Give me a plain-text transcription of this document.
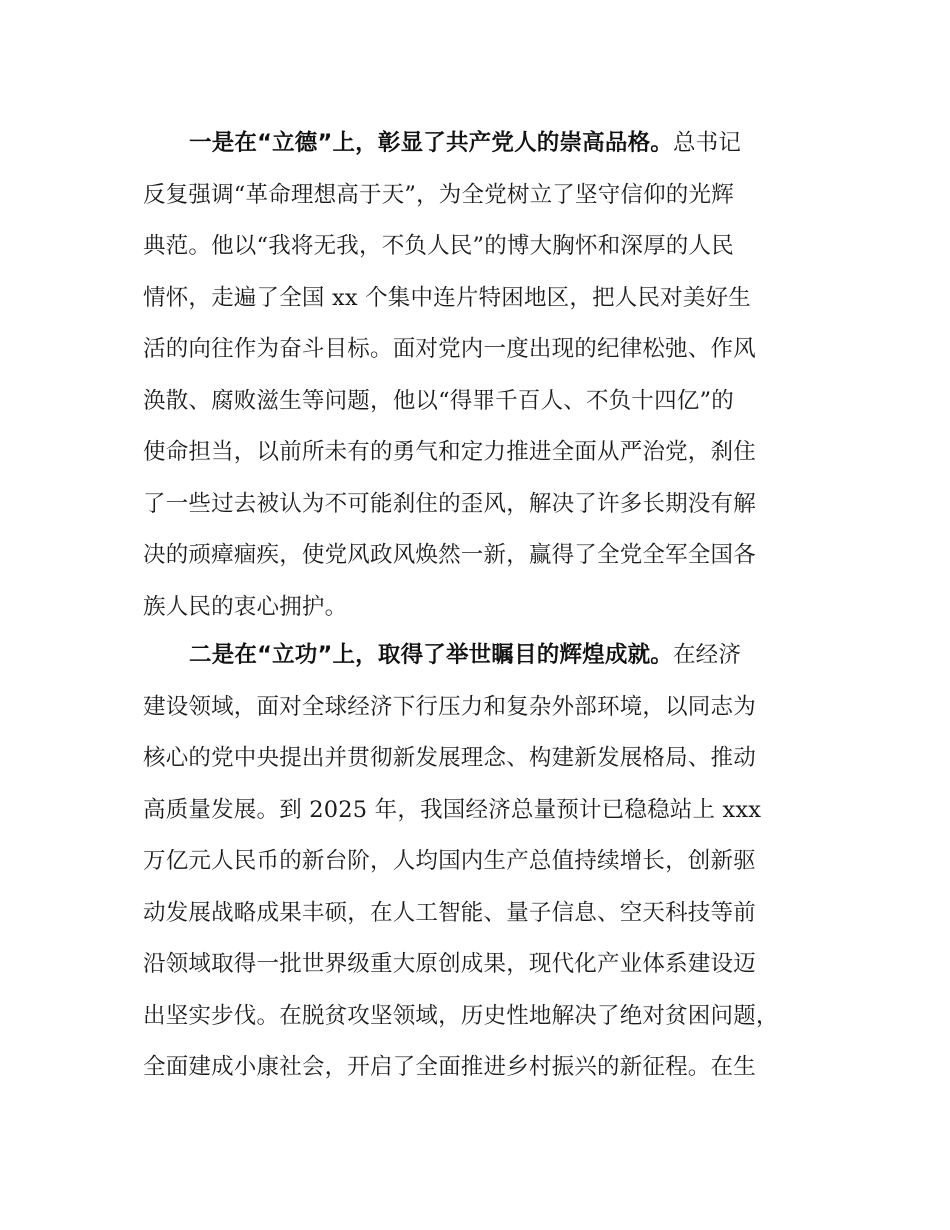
一是在“立德”上，彰显了共产党人的崇高品格。总书记
反复强调“革命理想高于天”，为全党树立了坚守信仰的光辉
典范。他以“我将无我，不负人民”的博大胸怀和深厚的人民
情怀，走遍了全国 xx 个集中连片特困地区，把人民对美好生
活的向往作为奋斗目标。面对党内一度出现的纪律松弛、作风
涣散、腐败滋生等问题，他以“得罪千百人、不负十四亿”的
使命担当，以前所未有的勇气和定力推进全面从严治党，刹住
了一些过去被认为不可能刹住的歪风，解决了许多长期没有解
决的顽瘴痼疾，使党风政风焕然一新，赢得了全党全军全国各
族人民的衷心拥护。
二是在“立功”上，取得了举世瞩目的辉煌成就。在经济
建设领域，面对全球经济下行压力和复杂外部环境，以同志为
核心的党中央提出并贯彻新发展理念、构建新发展格局、推动
高质量发展。到 2025 年，我国经济总量预计已稳稳站上 xxx
万亿元人民币的新台阶，人均国内生产总值持续增长，创新驱
动发展战略成果丰硕，在人工智能、量子信息、空天科技等前
沿领域取得一批世界级重大原创成果，现代化产业体系建设迈
出坚实步伐。在脱贫攻坚领域，历史性地解决了绝对贫困问题，
全面建成小康社会，开启了全面推进乡村振兴的新征程。在生
